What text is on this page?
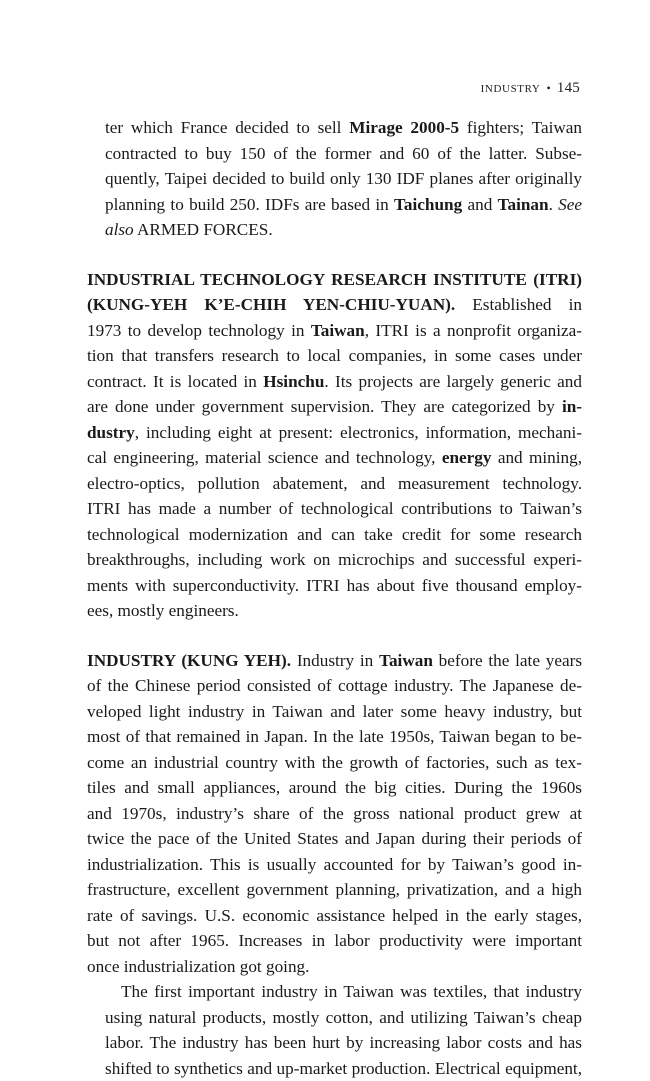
INDUSTRY • 145
ter which France decided to sell Mirage 2000-5 fighters; Taiwan
contracted to buy 150 of the former and 60 of the latter. Subse-
quently, Taipei decided to build only 130 IDF planes after originally
planning to build 250. IDFs are based in Taichung and Tainan. See
also ARMED FORCES.
INDUSTRIAL TECHNOLOGY RESEARCH INSTITUTE (ITRI)
(KUNG-YEH K’E-CHIH YEN-CHIU-YUAN). Established in
1973 to develop technology in Taiwan, ITRI is a nonprofit organiza-
tion that transfers research to local companies, in some cases under
contract. It is located in Hsinchu. Its projects are largely generic and
are done under government supervision. They are categorized by in-
dustry, including eight at present: electronics, information, mechani-
cal engineering, material science and technology, energy and mining,
electro-optics, pollution abatement, and measurement technology.
ITRI has made a number of technological contributions to Taiwan’s
technological modernization and can take credit for some research
breakthroughs, including work on microchips and successful experi-
ments with superconductivity. ITRI has about five thousand employ-
ees, mostly engineers.
INDUSTRY (KUNG YEH). Industry in Taiwan before the late years
of the Chinese period consisted of cottage industry. The Japanese de-
veloped light industry in Taiwan and later some heavy industry, but
most of that remained in Japan. In the late 1950s, Taiwan began to be-
come an industrial country with the growth of factories, such as tex-
tiles and small appliances, around the big cities. During the 1960s
and 1970s, industry’s share of the gross national product grew at
twice the pace of the United States and Japan during their periods of
industrialization. This is usually accounted for by Taiwan’s good in-
frastructure, excellent government planning, privatization, and a high
rate of savings. U.S. economic assistance helped in the early stages,
but not after 1965. Increases in labor productivity were important
once industrialization got going.
The first important industry in Taiwan was textiles, that industry
using natural products, mostly cotton, and utilizing Taiwan’s cheap
labor. The industry has been hurt by increasing labor costs and has
shifted to synthetics and up-market production. Electrical equipment,
